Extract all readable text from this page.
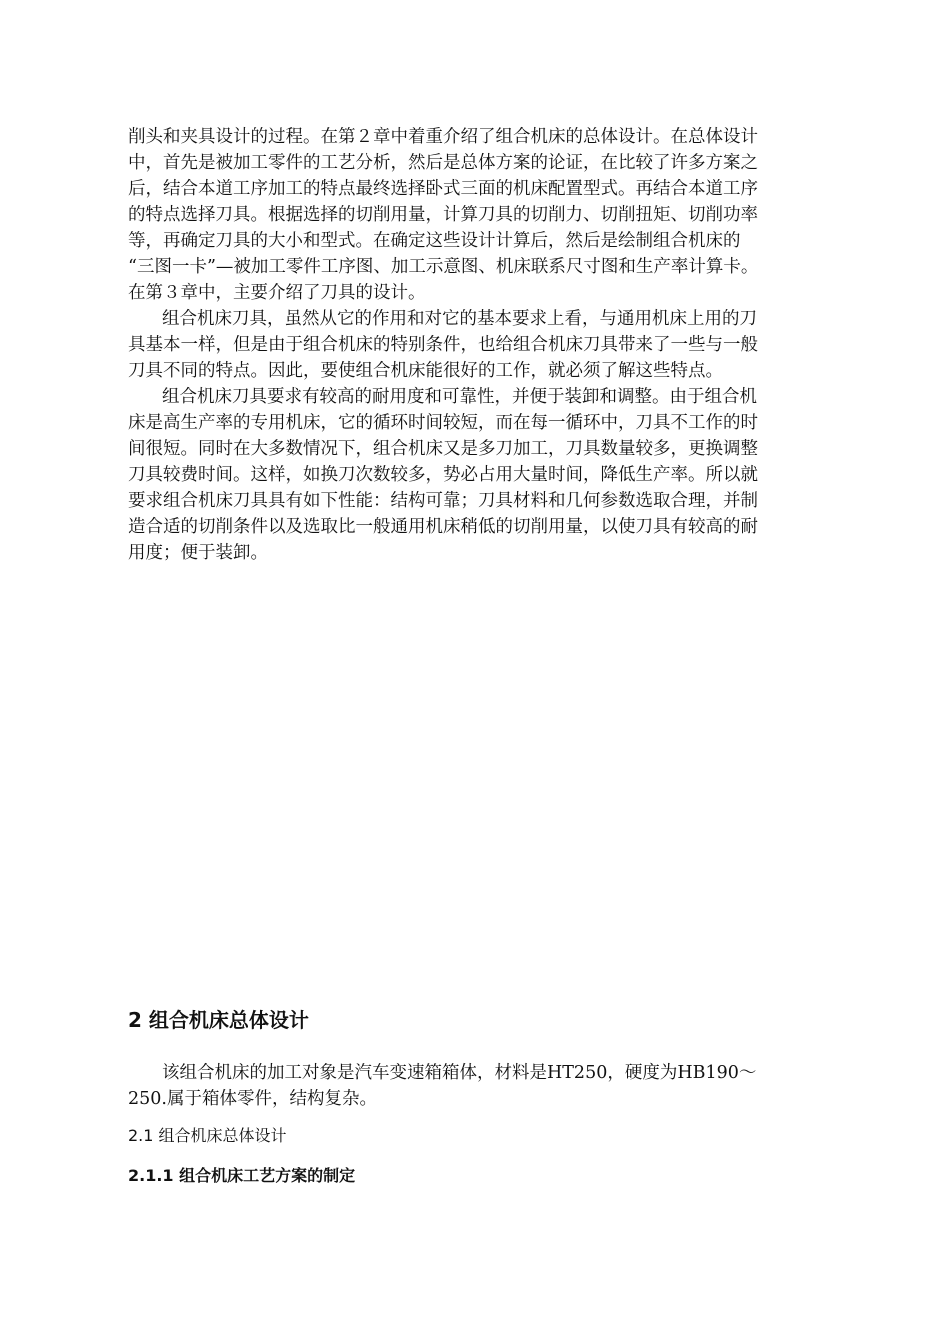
削头和夹具设计的过程。在第２章中着重介绍了组合机床的总体设计。在总体设计
中，首先是被加工零件的工艺分析，然后是总体方案的论证，在比较了许多方案之
后，结合本道工序加工的特点最终选择卧式三面的机床配置型式。再结合本道工序
的特点选择刀具。根据选择的切削用量，计算刀具的切削力、切削扭矩、切削功率
等，再确定刀具的大小和型式。在确定这些设计计算后，然后是绘制组合机床的
“三图一卡”—被加工零件工序图、加工示意图、机床联系尺寸图和生产率计算卡。
在第３章中，主要介绍了刀具的设计。
组合机床刀具，虽然从它的作用和对它的基本要求上看，与通用机床上用的刀
具基本一样，但是由于组合机床的特别条件，也给组合机床刀具带来了一些与一般
刀具不同的特点。因此，要使组合机床能很好的工作，就必须了解这些特点。
组合机床刀具要求有较高的耐用度和可靠性，并便于装卸和调整。由于组合机
床是高生产率的专用机床，它的循环时间较短，而在每一循环中，刀具不工作的时
间很短。同时在大多数情况下，组合机床又是多刀加工，刀具数量较多，更换调整
刀具较费时间。这样，如换刀次数较多，势必占用大量时间，降低生产率。所以就
要求组合机床刀具具有如下性能：结构可靠；刀具材料和几何参数选取合理，并制
造合适的切削条件以及选取比一般通用机床稍低的切削用量，以使刀具有较高的耐
用度；便于装卸。
2 组合机床总体设计
该组合机床的加工对象是汽车变速箱箱体，材料是HT250，硬度为HB190～
250.属于箱体零件，结构复杂。
2.1 组合机床总体设计
2.1.1 组合机床工艺方案的制定
